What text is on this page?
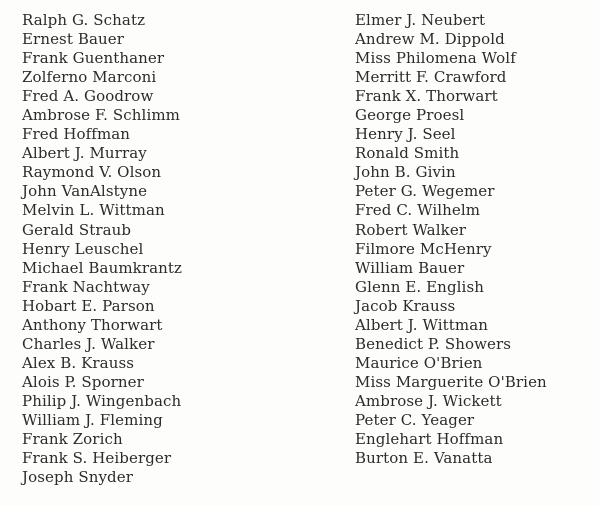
Ralph G. Schatz
Ernest Bauer
Frank Guenthaner
Zolferno Marconi
Fred A. Goodrow
Ambrose F. Schlimm
Fred Hoffman
Albert J. Murray
Raymond V. Olson
John VanAlstyne
Melvin L. Wittman
Gerald Straub
Henry Leuschel
Michael Baumkrantz
Frank Nachtway
Hobart E. Parson
Anthony Thorwart
Charles J. Walker
Alex B. Krauss
Alois P. Sporner
Philip J. Wingenbach
William J. Fleming
Frank Zorich
Frank S. Heiberger
Joseph Snyder
Elmer J. Neubert
Andrew M. Dippold
Miss Philomena Wolf
Merritt F. Crawford
Frank X. Thorwart
George Proesl
Henry J. Seel
Ronald Smith
John B. Givin
Peter G. Wegemer
Fred C. Wilhelm
Robert Walker
Filmore McHenry
William Bauer
Glenn E. English
Jacob Krauss
Albert J. Wittman
Benedict P. Showers
Maurice O'Brien
Miss Marguerite O'Brien
Ambrose J. Wickett
Peter C. Yeager
Englehart Hoffman
Burton E. Vanatta
